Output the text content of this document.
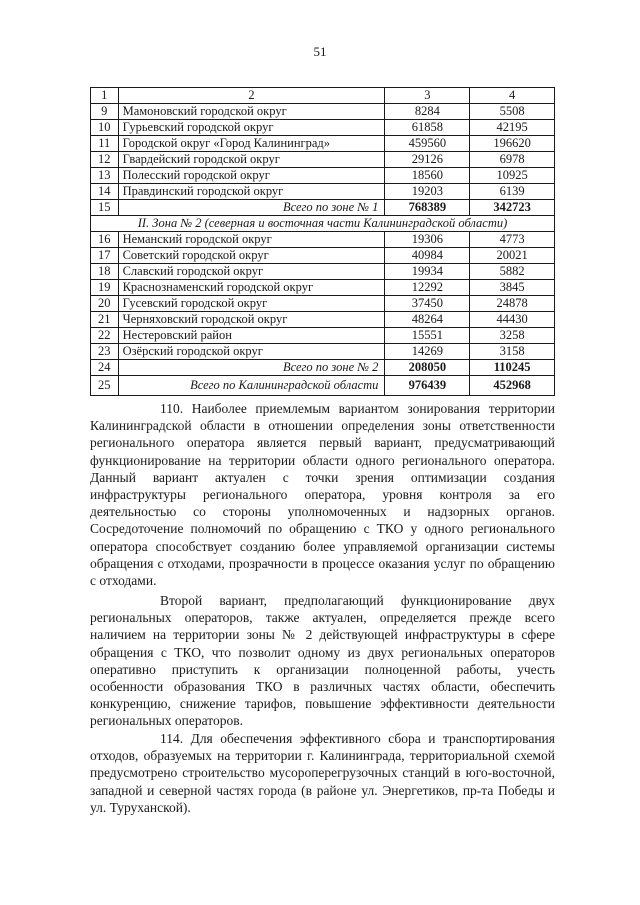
51
1	2	3	4
9	Мамоновский городской округ	8284	5508
10	Гурьевский городской округ	61858	42195
11	Городской округ «Город Калининград»	459560	196620
12	Гвардейский городской округ	29126	6978
13	Полесский городской округ	18560	10925
14	Правдинский городской округ	19203	6139
15	Всего по зоне № 1	768389	342723
II. Зона № 2 (северная и восточная части Калининградской области)			
16	Неманский городской округ	19306	4773
17	Советский городской округ	40984	20021
18	Славский городской округ	19934	5882
19	Краснознаменский городской округ	12292	3845
20	Гусевский городской округ	37450	24878
21	Черняховский городской округ	48264	44430
22	Нестеровский район	15551	3258
23	Озёрский городской округ	14269	3158
24	Всего по зоне № 2	208050	110245
25	Всего по Калининградской области	976439	452968

110. Наиболее приемлемым вариантом зонирования территории Калининградской области в отношении определения зоны ответственности регионального оператора является первый вариант, предусматривающий функционирование на территории области одного регионального оператора. Данный вариант актуален с точки зрения оптимизации создания инфраструктуры регионального оператора, уровня контроля за его деятельностью со стороны уполномоченных и надзорных органов. Сосредоточение полномочий по обращению с ТКО у одного регионального оператора способствует созданию более управляемой организации системы обращения с отходами, прозрачности в процессе оказания услуг по обращению с отходами.

Второй вариант, предполагающий функционирование двух региональных операторов, также актуален, определяется прежде всего наличием на территории зоны № 2 действующей инфраструктуры в сфере обращения с ТКО, что позволит одному из двух региональных операторов оперативно приступить к организации полноценной работы, учесть особенности образования ТКО в различных частях области, обеспечить конкуренцию, снижение тарифов, повышение эффективности деятельности региональных операторов.

114. Для обеспечения эффективного сбора и транспортирования отходов, образуемых на территории г. Калининграда, территориальной схемой предусмотрено строительство мусороперегрузочных станций в юго-восточной, западной и северной частях города (в районе ул. Энергетиков, пр-та Победы и ул. Туруханской).
